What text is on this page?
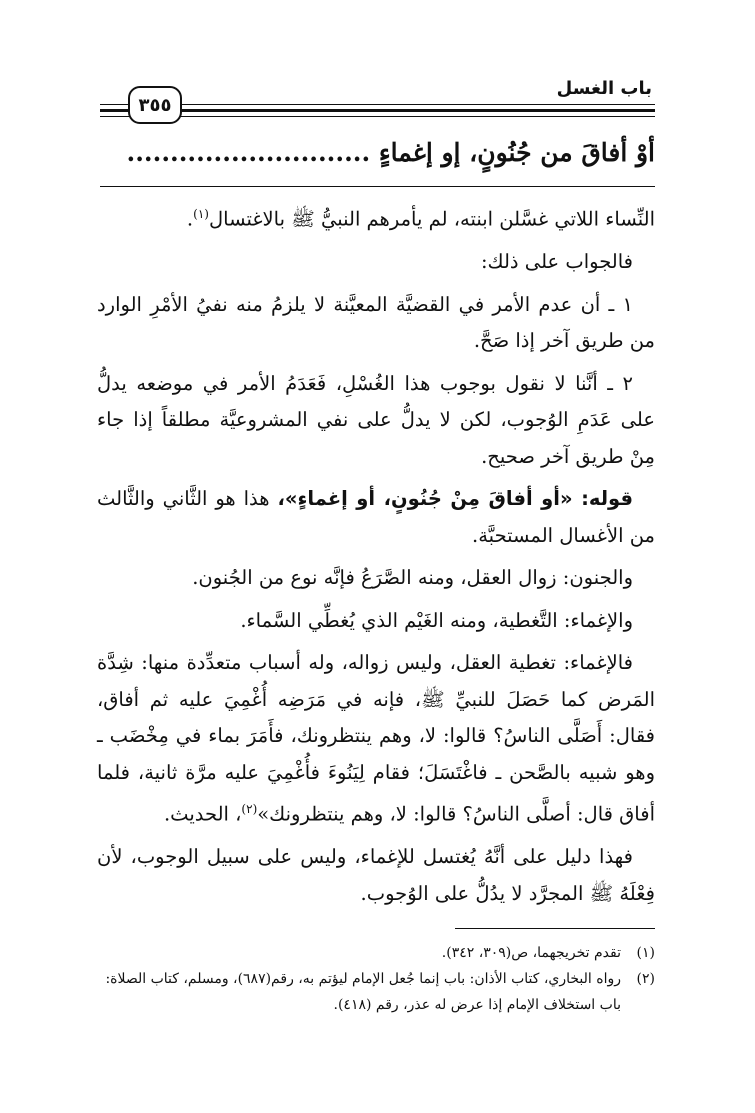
باب الغسل
٣٥٥
أوْ أفاقَ من جُنُونٍ، إو إغماءٍ ............................

النِّساء اللاتي غسَّلن ابنته، لم يأمرهم النبيُّ ﷺ بالاغتسال$^{(١)}$.

فالجواب على ذلك:

١ ـ أن عدم الأمر في القضيَّة المعيَّنة لا يلزمُ منه نفيُ الأمْرِ الوارد من طريق آخر إذا صَحَّ.

٢ ـ أنَّنا لا نقول بوجوب هذا الغُسْلِ، فَعَدَمُ الأمر في موضعه يدلُّ على عَدَمِ الوُجوب، لكن لا يدلُّ على نفي المشروعيَّة مطلقاً إذا جاء مِنْ طريق آخر صحيح.

قوله: «أو أفاقَ مِنْ جُنُونٍ، أو إغماءٍ»، هذا هو الثَّاني والثَّالث من الأغسال المستحبَّة.

والجنون: زوال العقل، ومنه الصَّرَعُ فإنَّه نوع من الجُنون.

والإغماء: التَّغطية، ومنه الغَيْم الذي يُغطِّي السَّماء.

فالإغماء: تغطية العقل، وليس زواله، وله أسباب متعدِّدة منها: شِدَّة المَرض كما حَصَلَ للنبيِّ ﷺ، فإنه في مَرَضِه أُغْمِيَ عليه ثم أفاق، فقال: أَصَلَّى الناسُ؟ قالوا: لا، وهم ينتظرونك، فأَمَرَ بماء في مِخْضَب ـ وهو شبيه بالصَّحن ـ فاغْتَسَلَ؛ فقام لِيَنُوءَ فأُغْمِيَ عليه مرَّة ثانية، فلما أفاق قال: أصلَّى الناسُ؟ قالوا: لا، وهم ينتظرونك»$^{(٢)}$، الحديث.

فهذا دليل على أنَّهُ يُغتسل للإغماء، وليس على سبيل الوجوب، لأن فِعْلَهُ ﷺ المجرَّد لا يدُلُّ على الوُجوب.

(١)
تقدم تخريجهما، ص(٣٠٩، ٣٤٢).
(٢)
رواه البخاري، كتاب الأذان: باب إنما جُعل الإمام ليؤتم به، رقم(٦٨٧)، ومسلم، كتاب الصلاة: باب استخلاف الإمام إذا عرض له عذر، رقم (٤١٨).
